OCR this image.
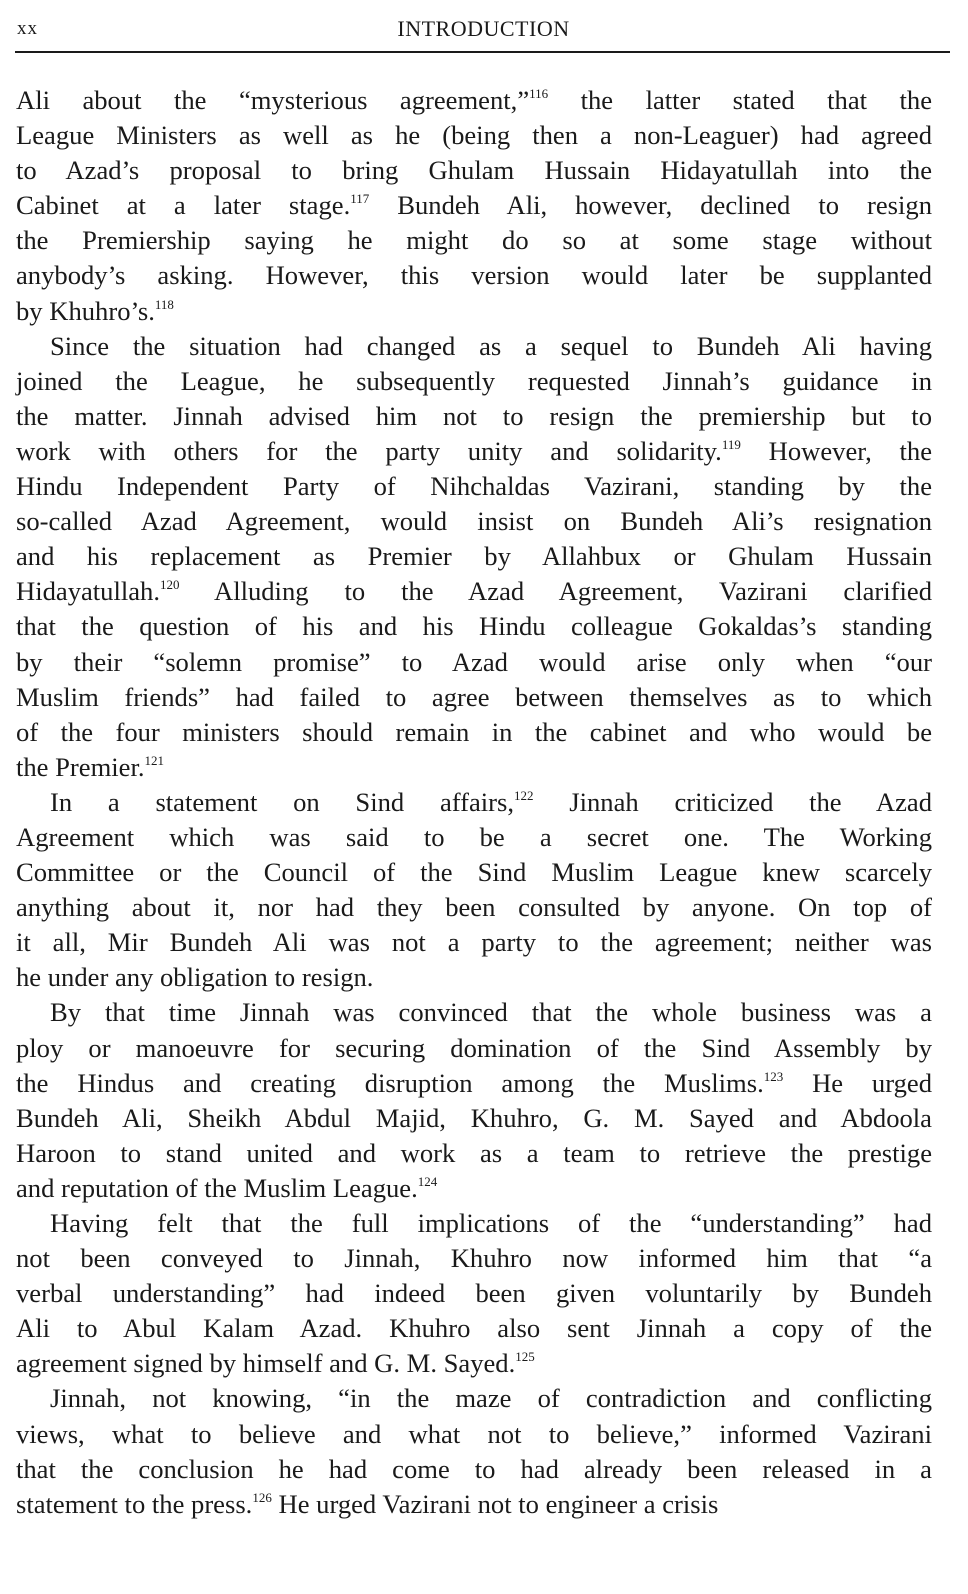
xx	INTRODUCTION

Ali about the “mysterious agreement,”$^{116}$ the latter stated that the

League Ministers as well as he (being then a non-Leaguer) had agreed

to Azad’s proposal to bring Ghulam Hussain Hidayatullah into the

Cabinet at a later stage.$^{117}$ Bundeh Ali, however, declined to resign

the Premiership saying he might do so at some stage without

anybody’s asking. However, this version would later be supplanted

by Khuhro’s.$^{118}$

Since the situation had changed as a sequel to Bundeh Ali having

joined the League, he subsequently requested Jinnah’s guidance in

the matter. Jinnah advised him not to resign the premiership but to

work with others for the party unity and solidarity.$^{119}$ However, the

Hindu Independent Party of Nihchaldas Vazirani, standing by the

so-called Azad Agreement, would insist on Bundeh Ali’s resignation

and his replacement as Premier by Allahbux or Ghulam Hussain

Hidayatullah.$^{120}$ Alluding to the Azad Agreement, Vazirani clarified

that the question of his and his Hindu colleague Gokaldas’s standing

by their “solemn promise” to Azad would arise only when “our

Muslim friends” had failed to agree between themselves as to which

of the four ministers should remain in the cabinet and who would be

the Premier.$^{121}$

In a statement on Sind affairs,$^{122}$ Jinnah criticized the Azad

Agreement which was said to be a secret one. The Working

Committee or the Council of the Sind Muslim League knew scarcely

anything about it, nor had they been consulted by anyone. On top of

it all, Mir Bundeh Ali was not a party to the agreement; neither was

he under any obligation to resign.

By that time Jinnah was convinced that the whole business was a

ploy or manoeuvre for securing domination of the Sind Assembly by

the Hindus and creating disruption among the Muslims.$^{123}$ He urged

Bundeh Ali, Sheikh Abdul Majid, Khuhro, G. M. Sayed and Abdoola

Haroon to stand united and work as a team to retrieve the prestige

and reputation of the Muslim League.$^{124}$

Having felt that the full implications of the “understanding” had

not been conveyed to Jinnah, Khuhro now informed him that “a

verbal understanding” had indeed been given voluntarily by Bundeh

Ali to Abul Kalam Azad. Khuhro also sent Jinnah a copy of the

agreement signed by himself and G. M. Sayed.$^{125}$

Jinnah, not knowing, “in the maze of contradiction and conflicting

views, what to believe and what not to believe,” informed Vazirani

that the conclusion he had come to had already been released in a

statement to the press.$^{126}$ He urged Vazirani not to engineer a crisis
